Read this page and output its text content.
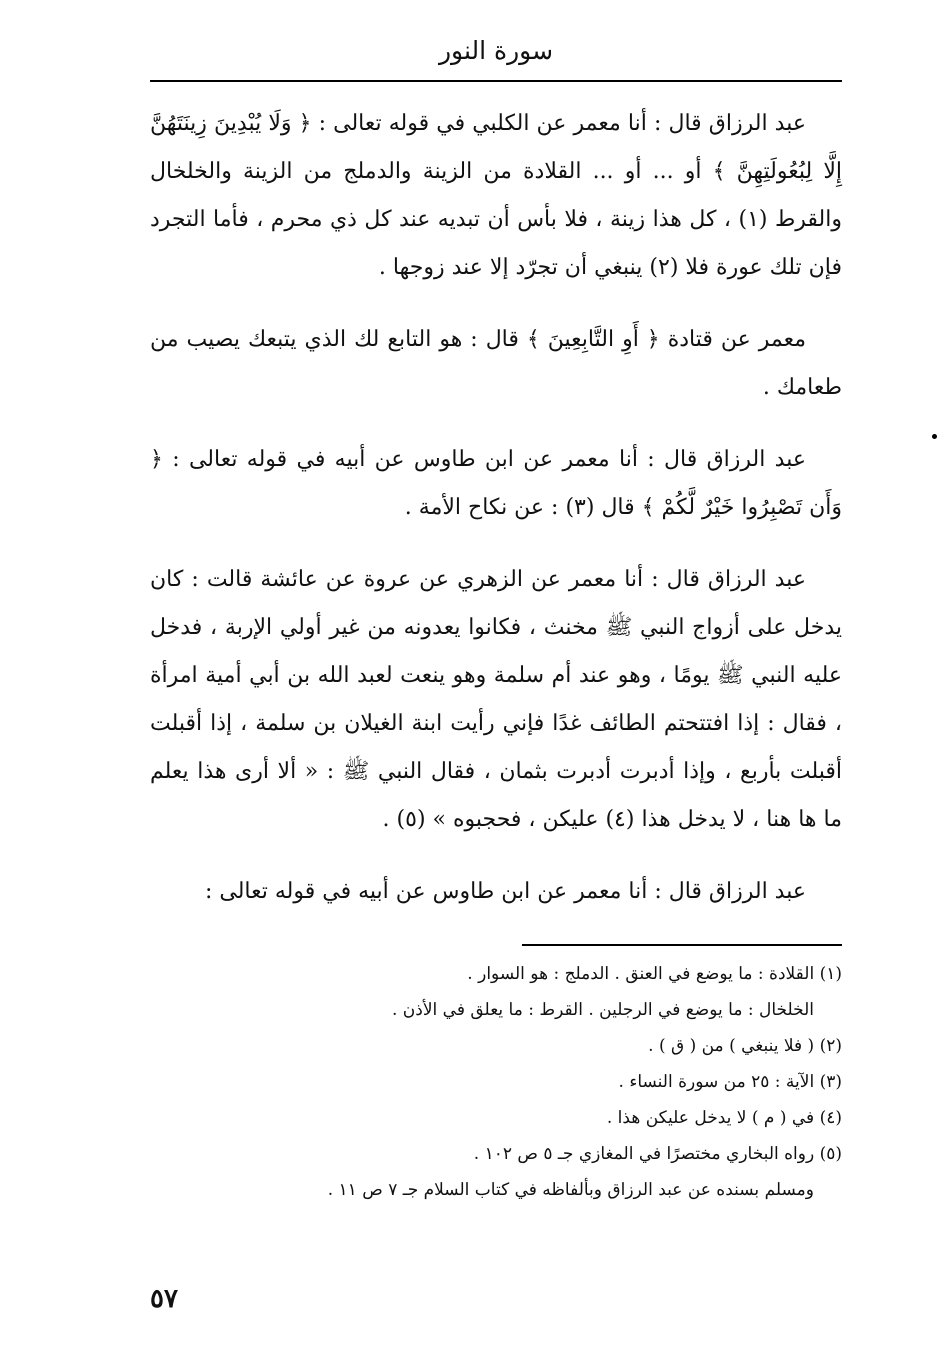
سورة النور

عبد الرزاق قال : أنا معمر عن الكلبي في قوله تعالى : ﴿ وَلَا يُبْدِينَ زِينَتَهُنَّ إِلَّا لِبُعُولَتِهِنَّ ﴾ أو ... أو ... القلادة من الزينة والدملج من الزينة والخلخال والقرط (١) ، كل هذا زينة ، فلا بأس أن تبديه عند كل ذي محرم ، فأما التجرد فإن تلك عورة فلا (٢) ينبغي أن تجرّد إلا عند زوجها .

معمر عن قتادة ﴿ أَوِ التَّابِعِينَ ﴾ قال : هو التابع لك الذي يتبعك يصيب من طعامك .

عبد الرزاق قال : أنا معمر عن ابن طاوس عن أبيه في قوله تعالى : ﴿ وَأَن تَصْبِرُوا خَيْرٌ لَّكُمْ ﴾ قال (٣) : عن نكاح الأمة .

عبد الرزاق قال : أنا معمر عن الزهري عن عروة عن عائشة قالت : كان يدخل على أزواج النبي ﷺ مخنث ، فكانوا يعدونه من غير أولي الإربة ، فدخل عليه النبي ﷺ يومًا ، وهو عند أم سلمة وهو ينعت لعبد الله بن أبي أمية امرأة ، فقال : إذا افتتحتم الطائف غدًا فإني رأيت ابنة الغيلان بن سلمة ، إذا أقبلت أقبلت بأربع ، وإذا أدبرت أدبرت بثمان ، فقال النبي ﷺ : « ألا أرى هذا يعلم ما ها هنا ، لا يدخل هذا (٤) عليكن ، فحجبوه » (٥) .

عبد الرزاق قال : أنا معمر عن ابن طاوس عن أبيه في قوله تعالى :

(١) القلادة : ما يوضع في العنق . الدملج : هو السوار .

الخلخال : ما يوضع في الرجلين . القرط : ما يعلق في الأذن .

(٢) ( فلا ينبغي ) من ( ق ) .

(٣) الآية : ٢٥ من سورة النساء .

(٤) في ( م ) لا يدخل عليكن هذا .

(٥) رواه البخاري مختصرًا في المغازي جـ ٥ ص ١٠٢ .

ومسلم بسنده عن عبد الرزاق وبألفاظه في كتاب السلام جـ ٧ ص ١١ .

٥٧
